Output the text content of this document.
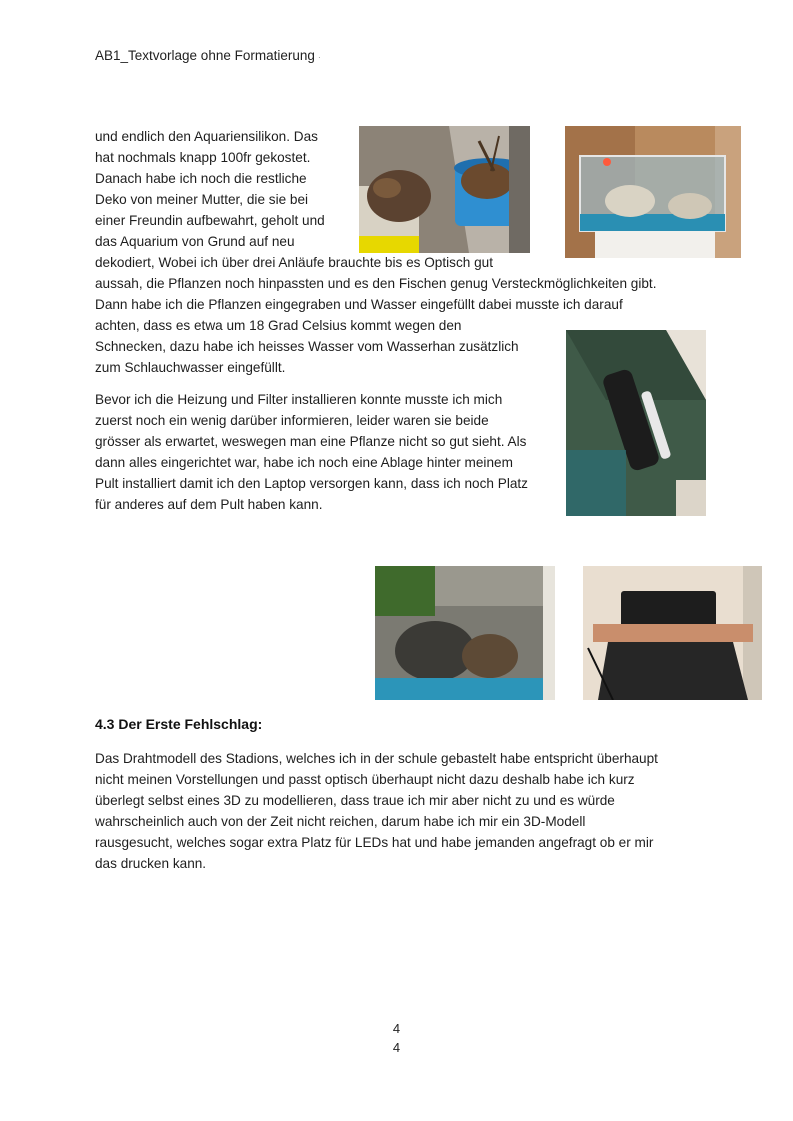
AB1_Textvorlage ohne Formatierung ·
und endlich den Aquariensilikon. Das
hat nochmals knapp 100fr gekostet.
Danach habe ich noch die restliche
Deko von meiner Mutter, die sie bei
einer Freundin aufbewahrt, geholt und
das Aquarium von Grund auf neu
dekodiert, Wobei ich über drei Anläufe brauchte bis es Optisch gut
aussah, die Pflanzen noch hinpassten und es den Fischen genug Versteckmöglichkeiten gibt.
Dann habe ich die Pflanzen eingegraben und Wasser eingefüllt dabei musste ich darauf
achten, dass es etwa um 18 Grad Celsius kommt wegen den
Schnecken, dazu habe ich heisses Wasser vom Wasserhan zusätzlich
zum Schlauchwasser eingefüllt.
Bevor ich die Heizung und Filter installieren konnte musste ich mich
zuerst noch ein wenig darüber informieren, leider waren sie beide
grösser als erwartet, weswegen man eine Pflanze nicht so gut sieht. Als
dann alles eingerichtet war, habe ich noch eine Ablage hinter meinem
Pult installiert damit ich den Laptop versorgen kann, dass ich noch Platz
für anderes auf dem Pult haben kann.
4.3 Der Erste Fehlschlag:
Das Drahtmodell des Stadions, welches ich in der schule gebastelt habe entspricht überhaupt
nicht meinen Vorstellungen und passt optisch überhaupt nicht dazu deshalb habe ich kurz
überlegt selbst eines 3D zu modellieren, dass traue ich mir aber nicht zu und es würde
wahrscheinlich auch von der Zeit nicht reichen, darum habe ich mir ein 3D-Modell
rausgesucht, welches sogar extra Platz für LEDs hat und habe jemanden angefragt ob er mir
das drucken kann.
4
4
